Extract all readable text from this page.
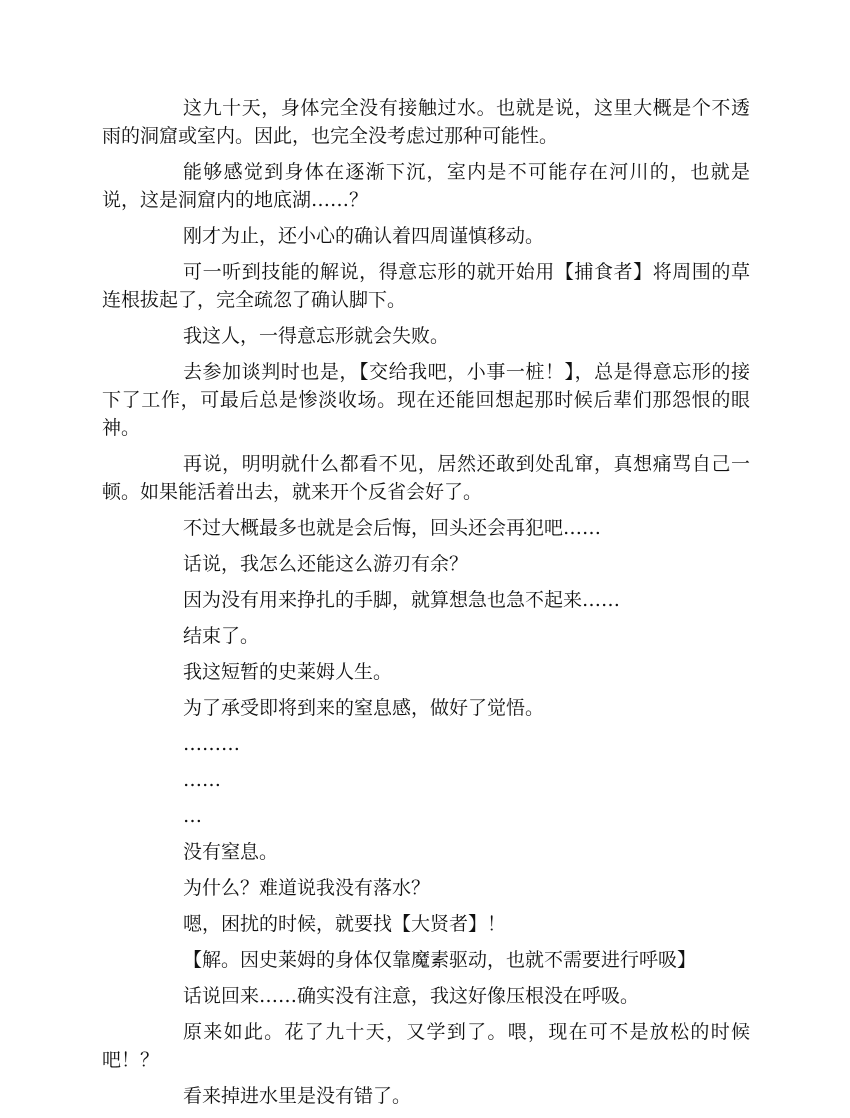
这九十天，身体完全没有接触过水。也就是说，这里大概是个不透雨的洞窟或室内。因此，也完全没考虑过那种可能性。

能够感觉到身体在逐渐下沉，室内是不可能存在河川的，也就是说，这是洞窟内的地底湖……？

刚才为止，还小心的确认着四周谨慎移动。

可一听到技能的解说，得意忘形的就开始用【捕食者】将周围的草连根拔起了，完全疏忽了确认脚下。

我这人，一得意忘形就会失败。

去参加谈判时也是，【交给我吧，小事一桩！】，总是得意忘形的接下了工作，可最后总是惨淡收场。现在还能回想起那时候后辈们那怨恨的眼神。

再说，明明就什么都看不见，居然还敢到处乱窜，真想痛骂自己一顿。如果能活着出去，就来开个反省会好了。

不过大概最多也就是会后悔，回头还会再犯吧……

话说，我怎么还能这么游刃有余？

因为没有用来挣扎的手脚，就算想急也急不起来……

结束了。

我这短暂的史莱姆人生。

为了承受即将到来的窒息感，做好了觉悟。

………

……

…

没有窒息。

为什么？难道说我没有落水？

嗯，困扰的时候，就要找【大贤者】！

【解。因史莱姆的身体仅靠魔素驱动，也就不需要进行呼吸】

话说回来……确实没有注意，我这好像压根没在呼吸。

原来如此。花了九十天，又学到了。喂，现在可不是放松的时候吧！？

看来掉进水里是没有错了。
